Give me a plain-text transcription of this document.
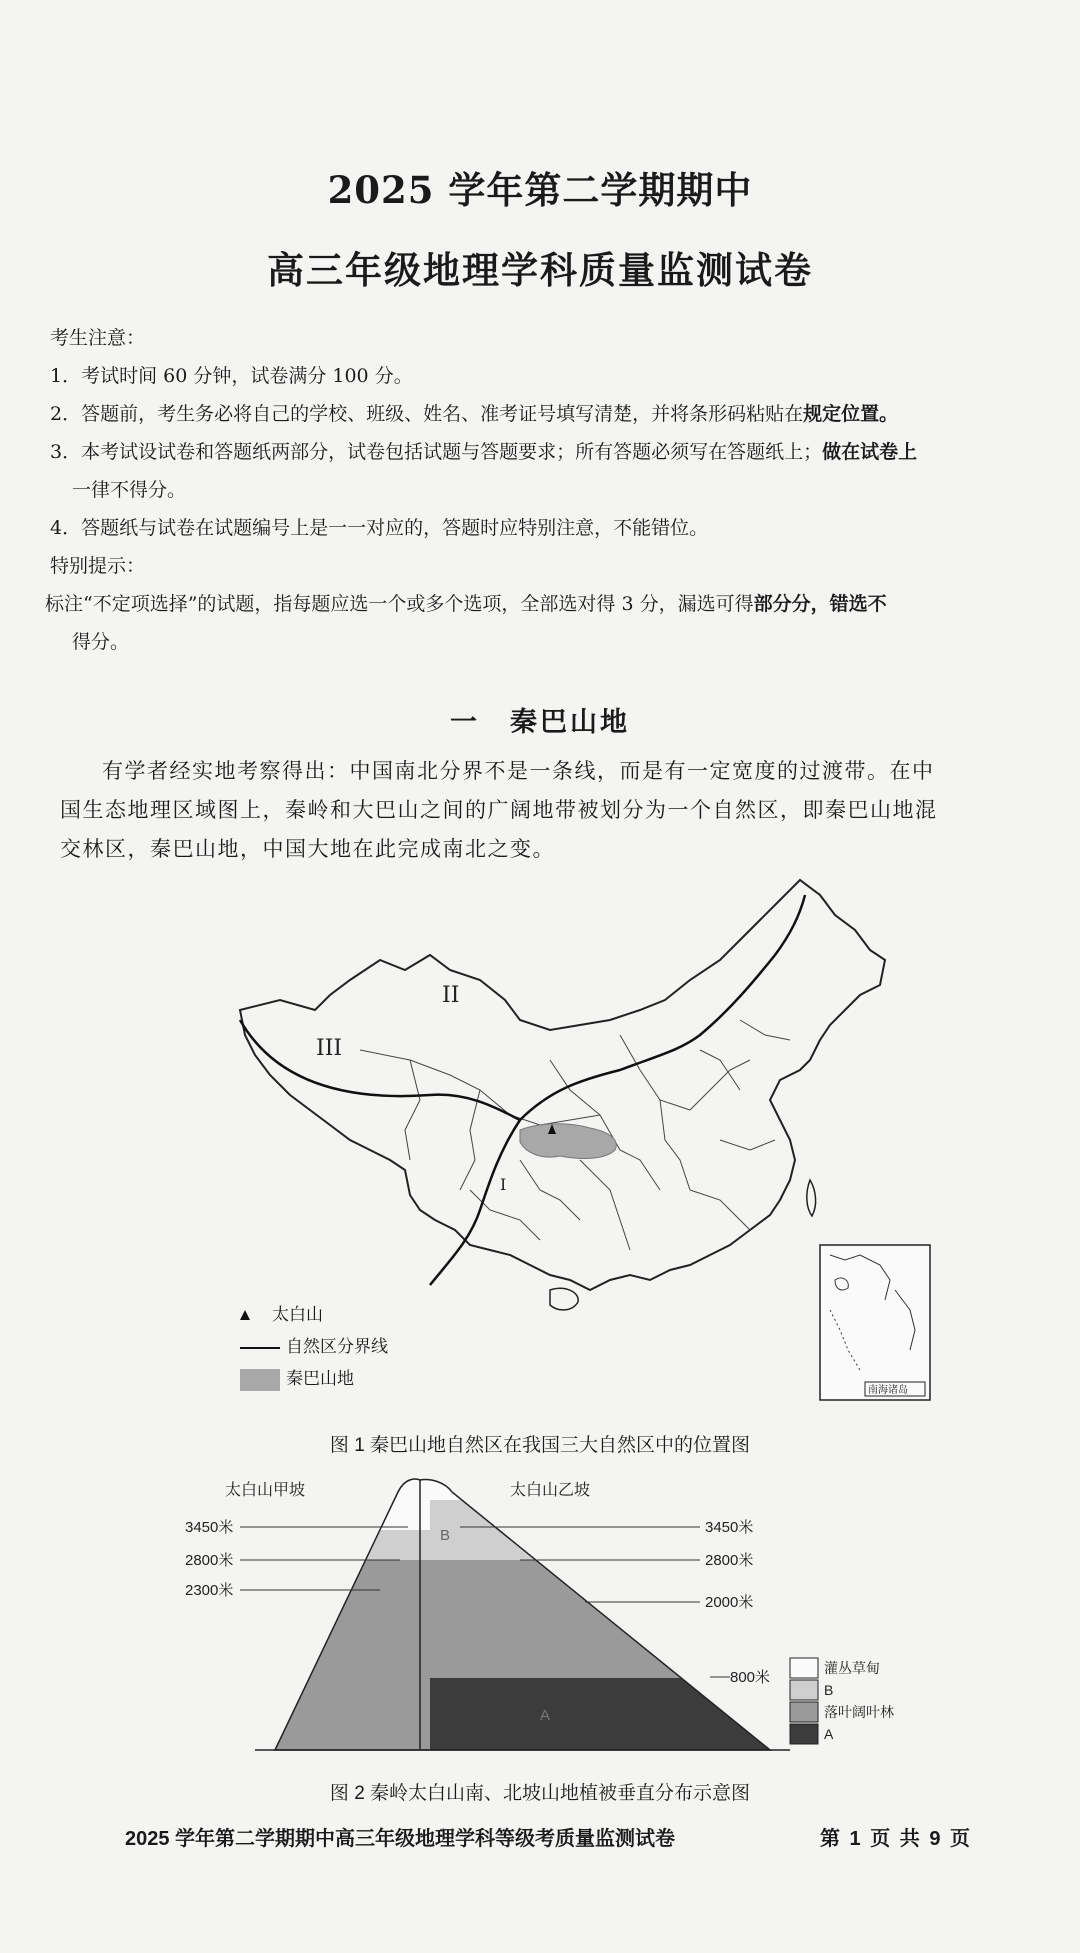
2025 学年第二学期期中
高三年级地理学科质量监测试卷
考生注意：
1．考试时间 60 分钟，试卷满分 100 分。
2．答题前，考生务必将自己的学校、班级、姓名、准考证号填写清楚，并将条形码粘贴在规定位置。
3．本考试设试卷和答题纸两部分，试卷包括试题与答题要求；所有答题必须写在答题纸上；做在试卷上
一律不得分。
4．答题纸与试卷在试题编号上是一一对应的，答题时应特别注意，不能错位。
特别提示：
标注“不定项选择”的试题，指每题应选一个或多个选项，全部选对得 3 分，漏选可得部分分，错选不
得分。
一　秦巴山地
有学者经实地考察得出：中国南北分界不是一条线，而是有一定宽度的过渡带。在中
国生态地理区域图上，秦岭和大巴山之间的广阔地带被划分为一个自然区，即秦巴山地混
交林区，秦巴山地，中国大地在此完成南北之变。
II
III
I
南海诸岛
太白山
自然区分界线
秦巴山地
图 1 秦巴山地自然区在我国三大自然区中的位置图
太白山甲坡	太白山乙坡
3450米
2800米
2300米
3450米
2800米
2000米
800米
B
A
灌丛草甸
B
落叶阔叶林
A
图 2 秦岭太白山南、北坡山地植被垂直分布示意图
2025 学年第二学期期中高三年级地理学科等级考质量监测试卷	第 1 页 共 9 页
